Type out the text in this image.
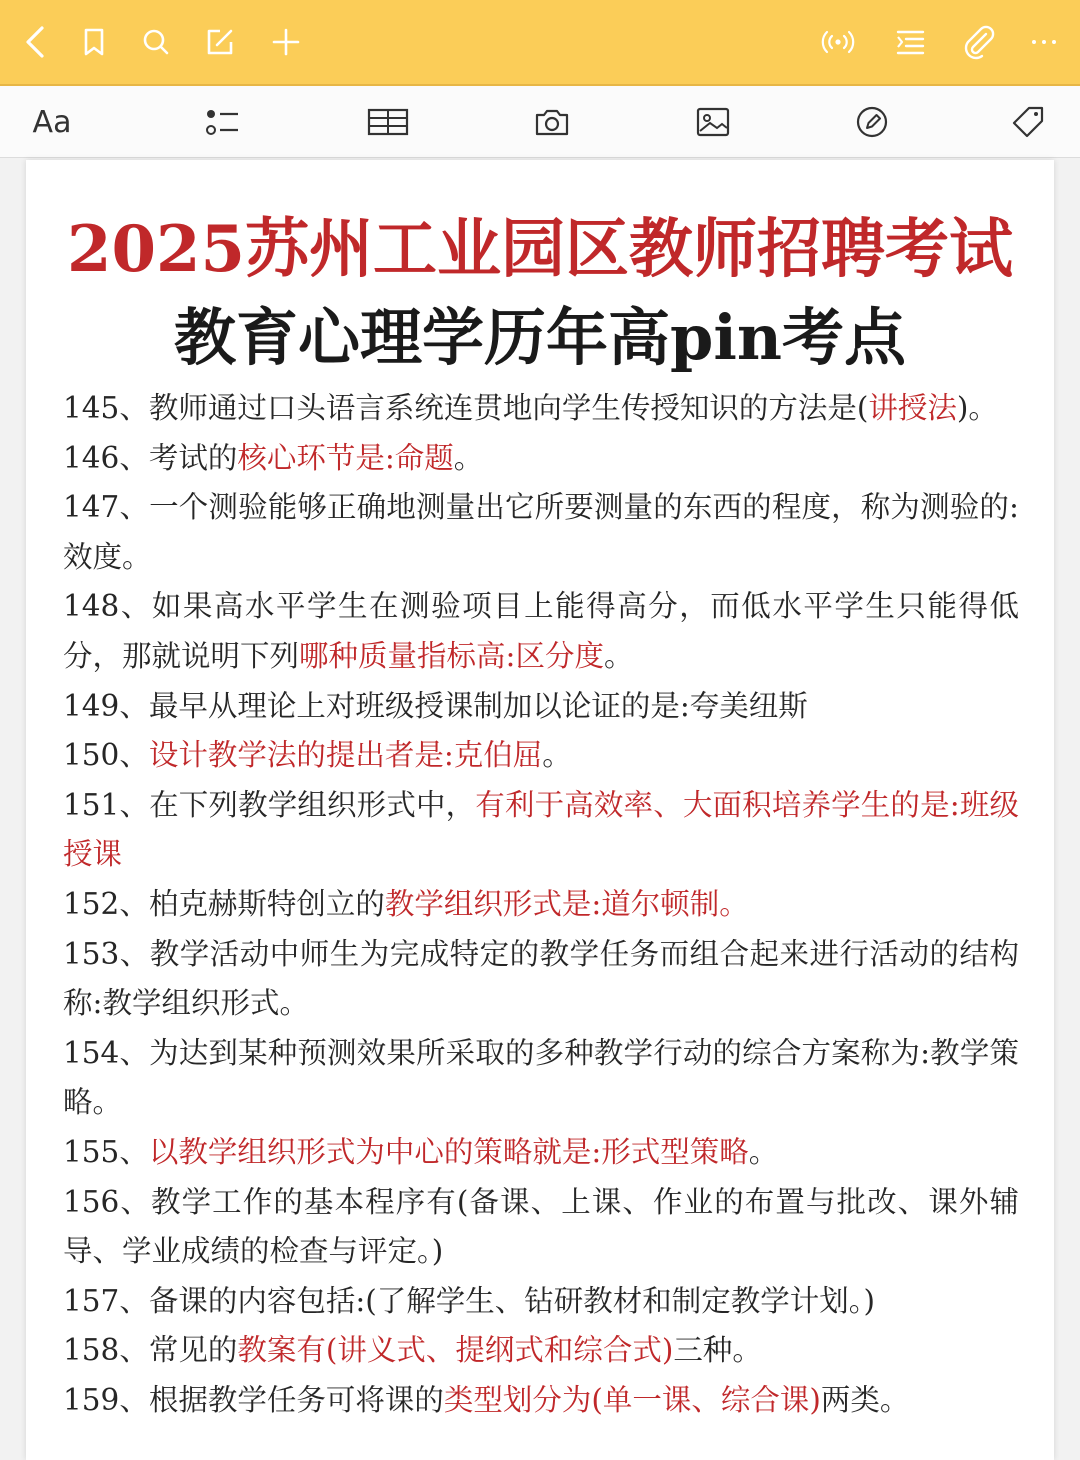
Aa
2025苏州工业园区教师招聘考试
教育心理学历年高pin考点

145、教师通过口头语言系统连贯地向学生传授知识的方法是(讲授法)。

146、考试的核心环节是:命题。

147、一个测验能够正确地测量出它所要测量的东西的程度，称为测验的:效度。

148、如果高水平学生在测验项目上能得高分，而低水平学生只能得低分，那就说明下列哪种质量指标高:区分度。

149、最早从理论上对班级授课制加以论证的是:夸美纽斯

150、设计教学法的提出者是:克伯屈。

151、在下列教学组织形式中，有利于高效率、大面积培养学生的是:班级授课

152、柏克赫斯特创立的教学组织形式是:道尔顿制。

153、教学活动中师生为完成特定的教学任务而组合起来进行活动的结构称:教学组织形式。

154、为达到某种预测效果所采取的多种教学行动的综合方案称为:教学策略。

155、以教学组织形式为中心的策略就是:形式型策略。

156、教学工作的基本程序有(备课、上课、作业的布置与批改、课外辅导、学业成绩的检查与评定。)

157、备课的内容包括:(了解学生、钻研教材和制定教学计划。)

158、常见的教案有(讲义式、提纲式和综合式)三种。

159、根据教学任务可将课的类型划分为(单一课、综合课)两类。
